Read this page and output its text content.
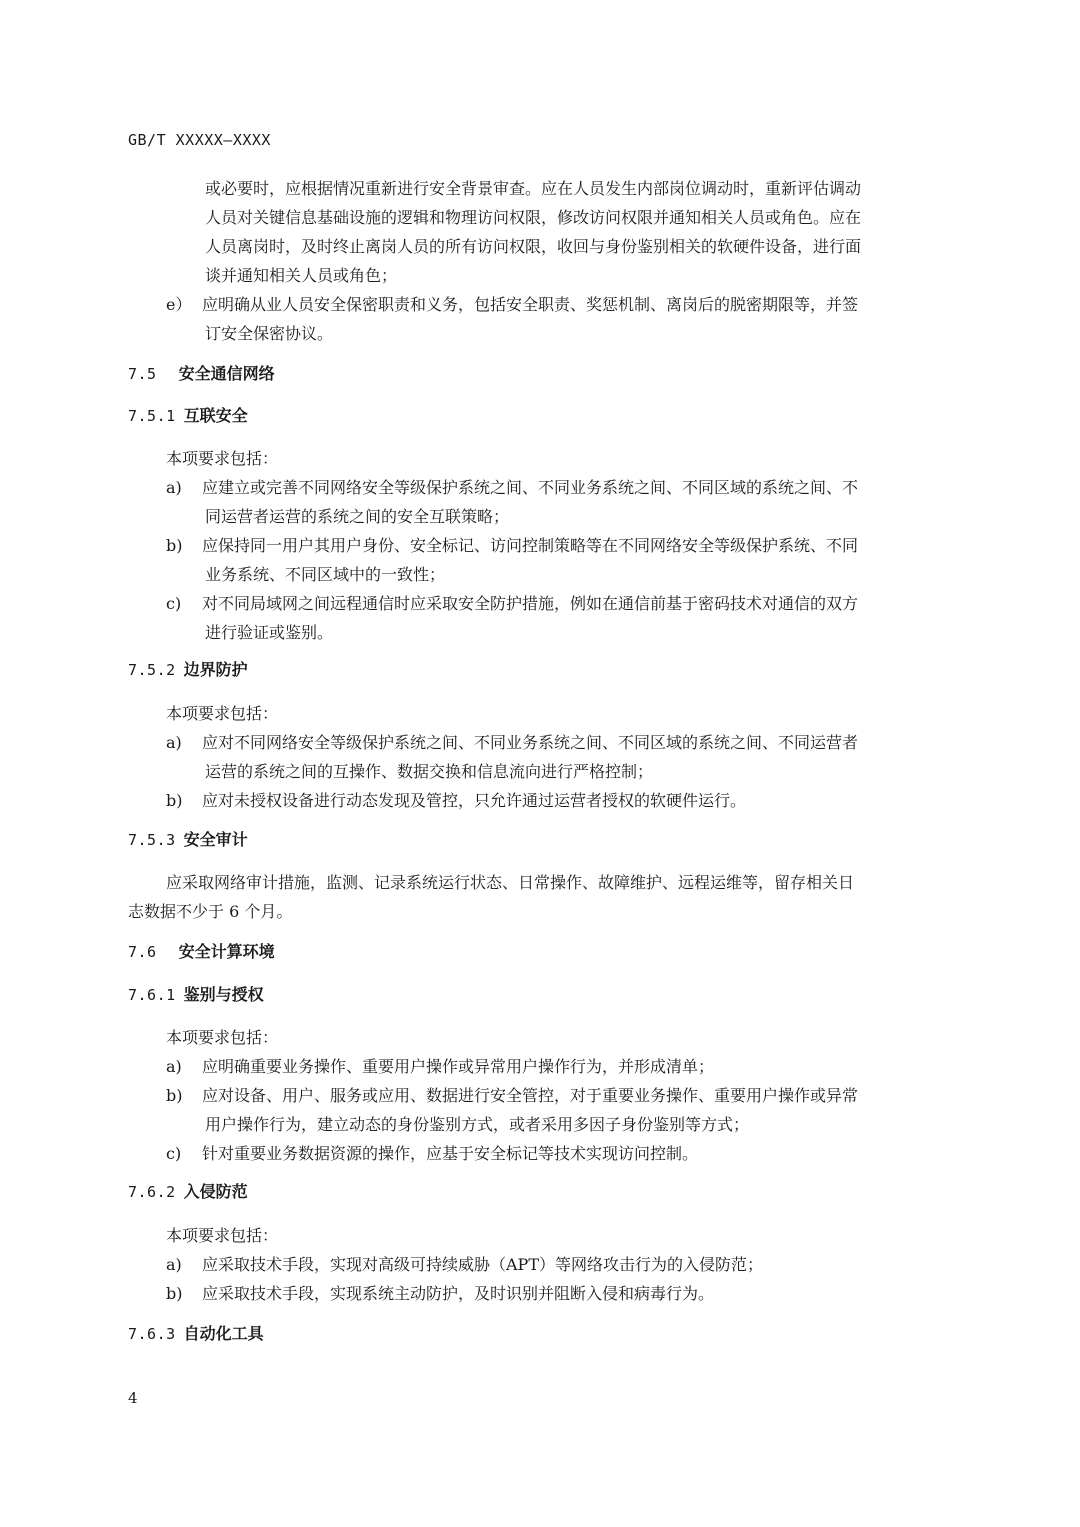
GB/T XXXXX—XXXX
或必要时，应根据情况重新进行安全背景审查。应在人员发生内部岗位调动时，重新评估调动
人员对关键信息基础设施的逻辑和物理访问权限，修改访问权限并通知相关人员或角色。应在
人员离岗时，及时终止离岗人员的所有访问权限，收回与身份鉴别相关的软硬件设备，进行面
谈并通知相关人员或角色；
e） 应明确从业人员安全保密职责和义务，包括安全职责、奖惩机制、离岗后的脱密期限等，并签
订安全保密协议。
7.5 安全通信网络
7.5.1 互联安全
本项要求包括：
a) 应建立或完善不同网络安全等级保护系统之间、不同业务系统之间、不同区域的系统之间、不
同运营者运营的系统之间的安全互联策略；
b) 应保持同一用户其用户身份、安全标记、访问控制策略等在不同网络安全等级保护系统、不同
业务系统、不同区域中的一致性；
c) 对不同局域网之间远程通信时应采取安全防护措施，例如在通信前基于密码技术对通信的双方
进行验证或鉴别。
7.5.2 边界防护
本项要求包括：
a) 应对不同网络安全等级保护系统之间、不同业务系统之间、不同区域的系统之间、不同运营者
运营的系统之间的互操作、数据交换和信息流向进行严格控制；
b) 应对未授权设备进行动态发现及管控，只允许通过运营者授权的软硬件运行。
7.5.3 安全审计
应采取网络审计措施，监测、记录系统运行状态、日常操作、故障维护、远程运维等，留存相关日
志数据不少于 6 个月。
7.6 安全计算环境
7.6.1 鉴别与授权
本项要求包括：
a) 应明确重要业务操作、重要用户操作或异常用户操作行为，并形成清单；
b) 应对设备、用户、服务或应用、数据进行安全管控，对于重要业务操作、重要用户操作或异常
用户操作行为，建立动态的身份鉴别方式，或者采用多因子身份鉴别等方式；
c) 针对重要业务数据资源的操作，应基于安全标记等技术实现访问控制。
7.6.2 入侵防范
本项要求包括：
a) 应采取技术手段，实现对高级可持续威胁（APT）等网络攻击行为的入侵防范；
b) 应采取技术手段，实现系统主动防护，及时识别并阻断入侵和病毒行为。
7.6.3 自动化工具
4
